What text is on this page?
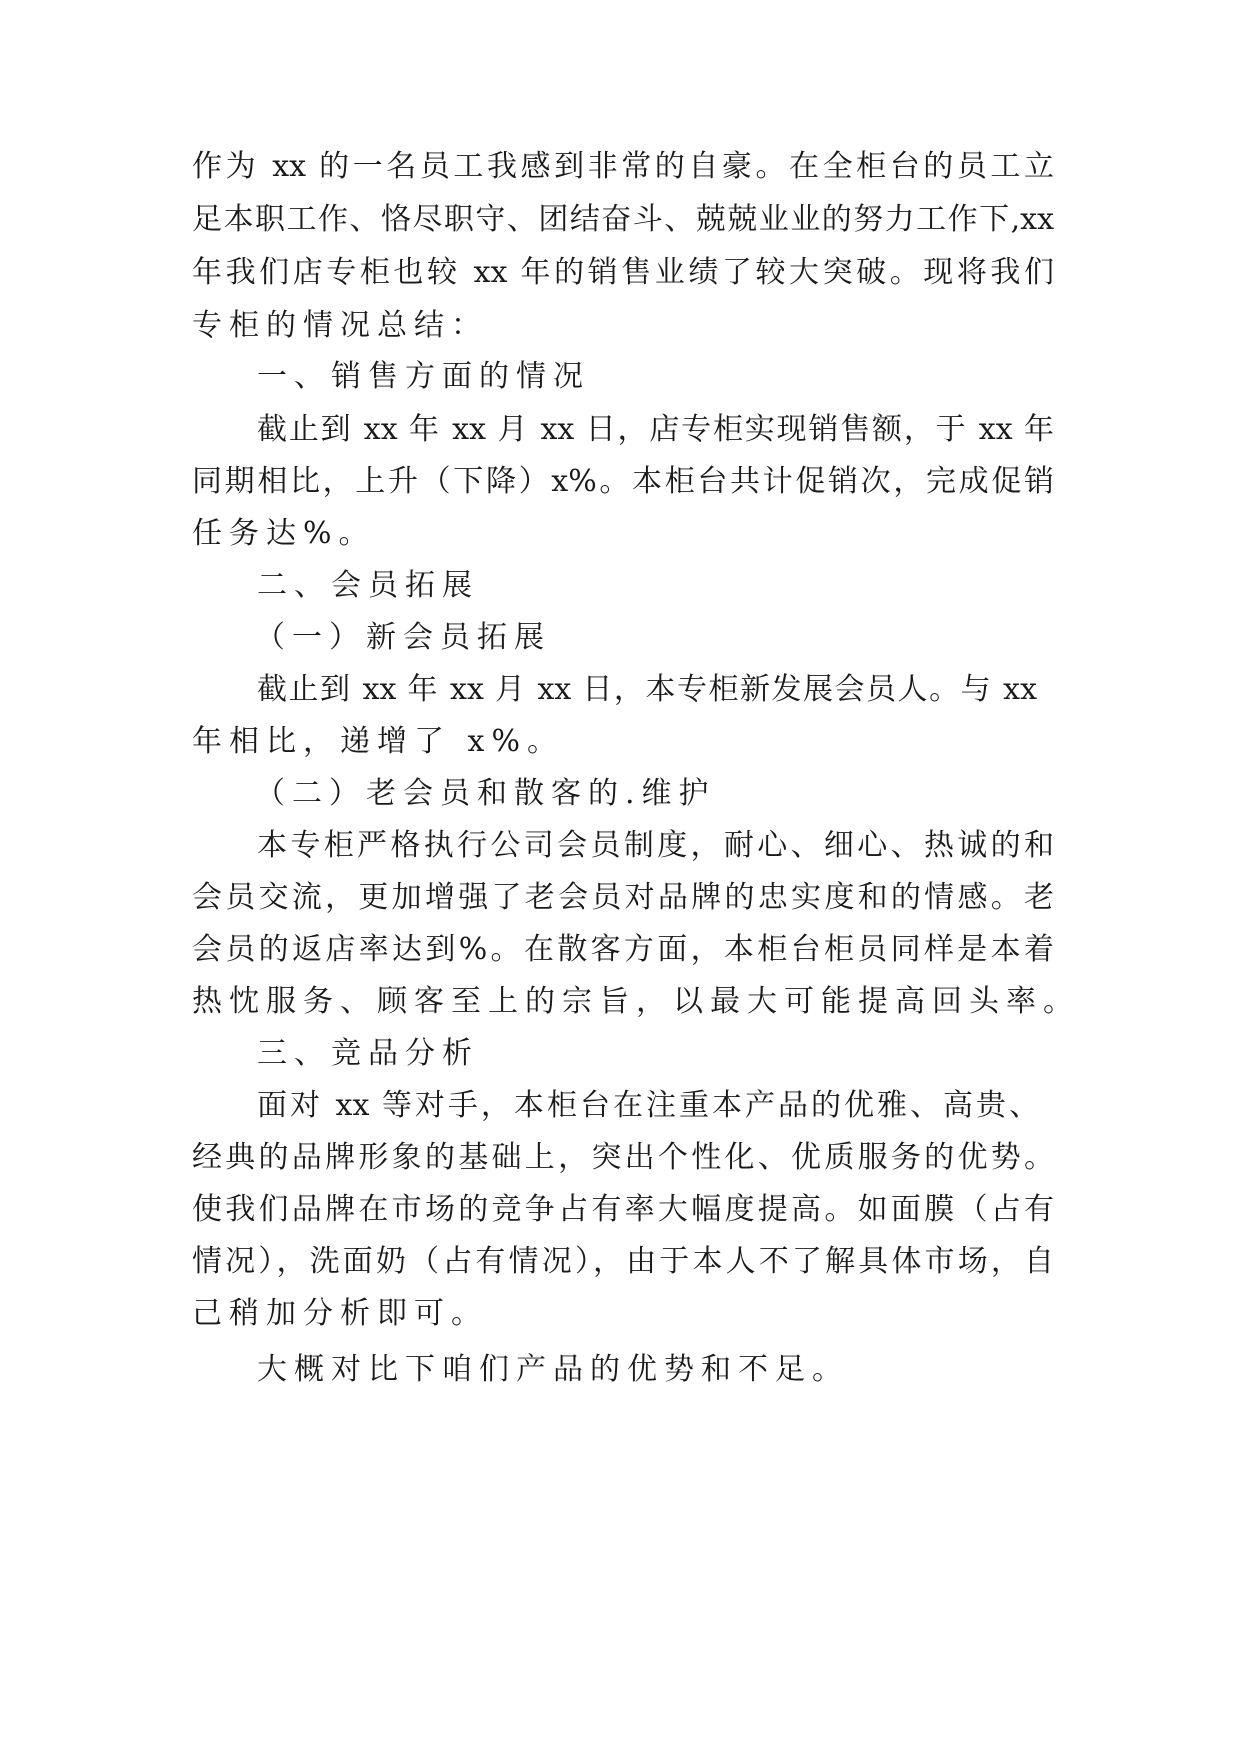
作为 xx 的一名员工我感到非常的自豪。在全柜台的员工立
足本职工作、恪尽职守、团结奋斗、兢兢业业的努力工作下,xx
年我们店专柜也较 xx 年的销售业绩了较大突破。现将我们
专柜的情况总结：
一、销售方面的情况
截止到 xx 年 xx 月 xx 日，店专柜实现销售额，于 xx 年
同期相比，上升（下降）x%。本柜台共计促销次，完成促销
任务达%。
二、会员拓展
（一）新会员拓展
截止到 xx 年 xx 月 xx 日，本专柜新发展会员人。与 xx
年相比，递增了 x%。
（二）老会员和散客的.维护
本专柜严格执行公司会员制度，耐心、细心、热诚的和
会员交流，更加增强了老会员对品牌的忠实度和的情感。老
会员的返店率达到%。在散客方面，本柜台柜员同样是本着
热忱服务、顾客至上的宗旨，以最大可能提高回头率。
三、竞品分析
面对 xx 等对手，本柜台在注重本产品的优雅、高贵、
经典的品牌形象的基础上，突出个性化、优质服务的优势。
使我们品牌在市场的竞争占有率大幅度提高。如面膜（占有
情况），洗面奶（占有情况），由于本人不了解具体市场，自
己稍加分析即可。
大概对比下咱们产品的优势和不足。
